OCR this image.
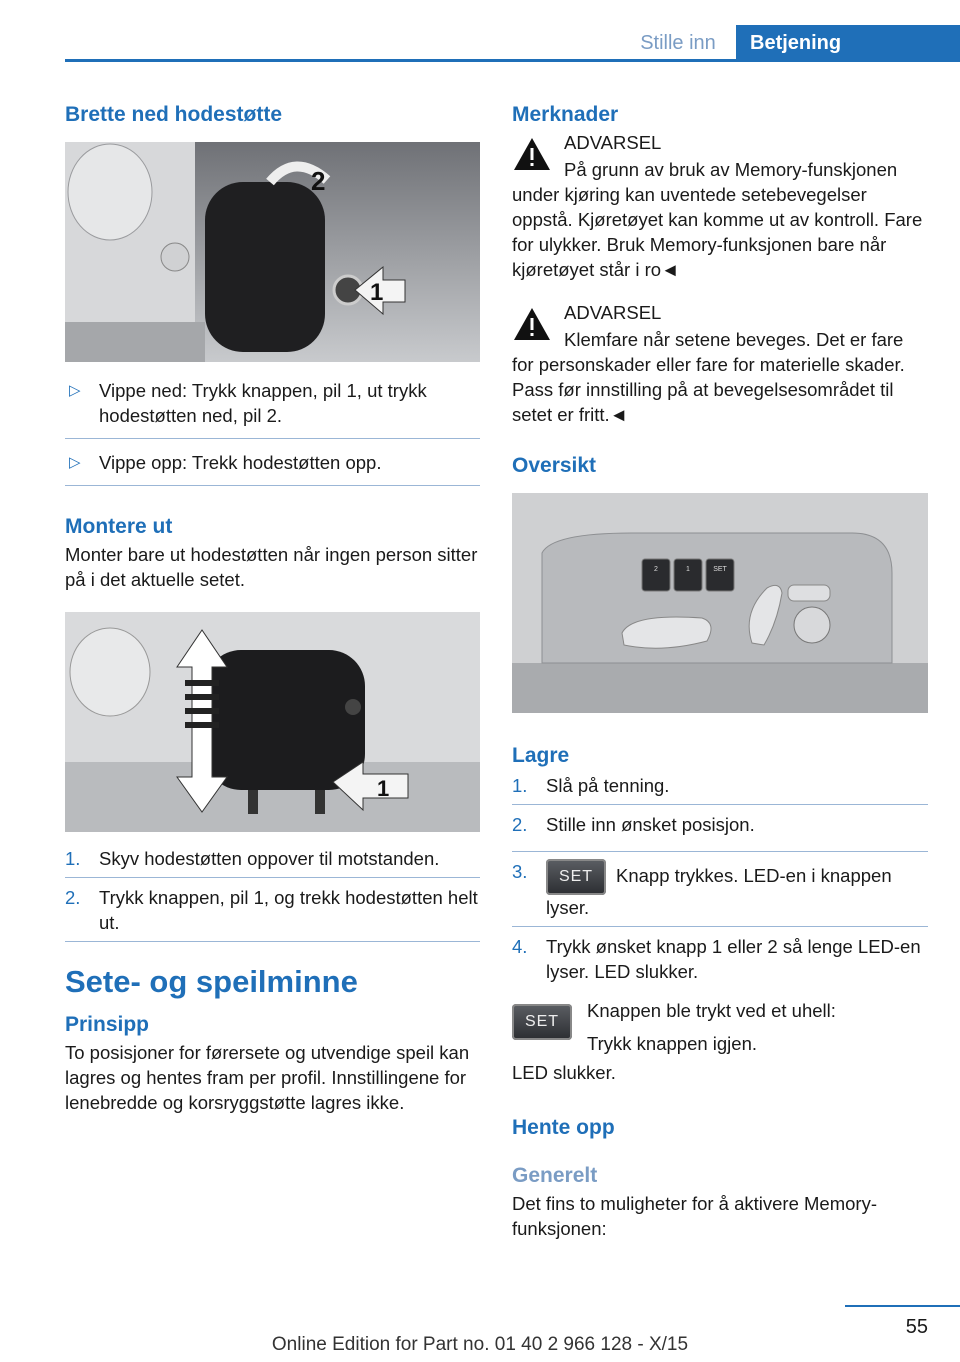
Stille inn	Betjening
Brette ned hodestøtte
2
1
▷ Vippe ned: Trykk knappen, pil 1, ut trykk hodestøtten ned, pil 2.
▷ Vippe opp: Trekk hodestøtten opp.
Montere ut

Monter bare ut hodestøtten når ingen person sitter på i det aktuelle setet.

1
1. Skyv hodestøtten oppover til motstanden.
2. Trykk knappen, pil 1, og trekk hodestøtten helt ut.
Sete- og speilminne
Prinsipp

To posisjoner for førersete og utvendige speil kan lagres og hentes fram per profil. Innstillingene for lenebredde og korsryggstøtte lagres ikke.

Merknader

ADVARSEL

På grunn av bruk av Memory-funskjonen under kjøring kan uventede setebevegelser oppstå. Kjøretøyet kan komme ut av kontroll. Fare for ulykker. Bruk Memory-funksjonen bare når kjøretøyet står i ro◄

ADVARSEL

Klemfare når setene beveges. Det er fare for personskader eller fare for materielle skader. Pass før innstilling på at bevegelsesområdet til setet er fritt.◄

Oversikt
2	1	SET
Lagre
1. Slå på tenning.
2. Stille inn ønsket posisjon.
3. SET Knapp trykkes. LED-en i knappen lyser.
4. Trykk ønsket knapp 1 eller 2 så lenge LED-en lyser. LED slukker.
SET

Knappen ble trykt ved et uhell:

Trykk knappen igjen.

LED slukker.

Hente opp
Generelt

Det fins to muligheter for å aktivere Memory-funksjonen:

55
Online Edition for Part no. 01 40 2 966 128 - X/15
